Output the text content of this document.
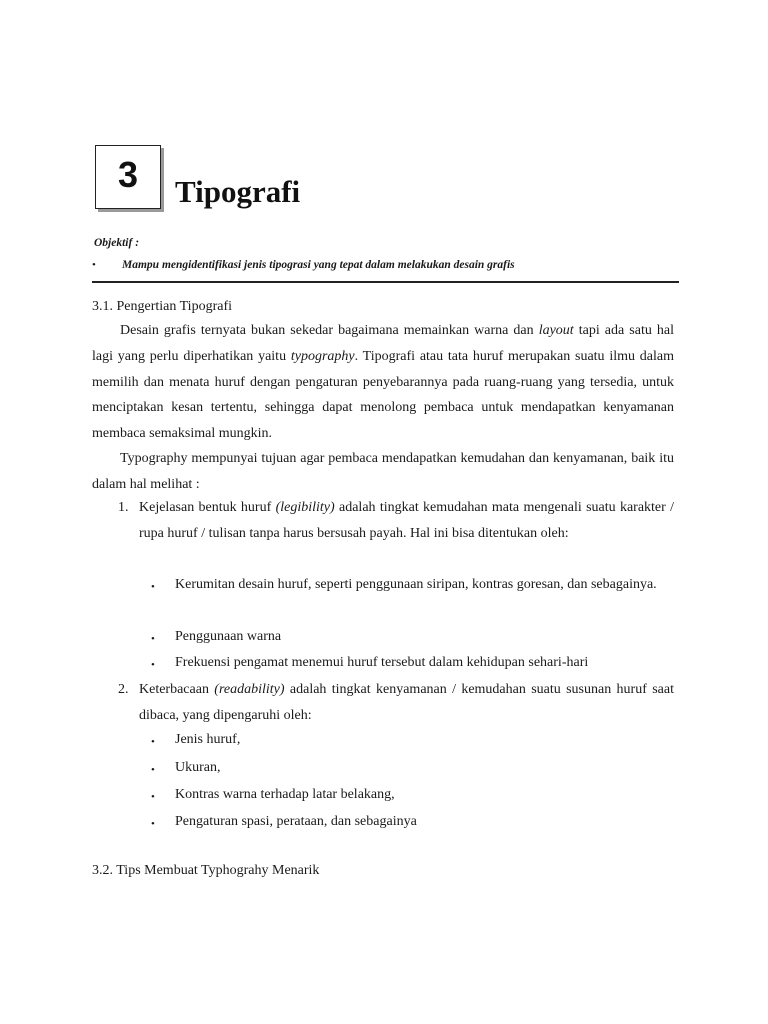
3	Tipografi
Objektif :
• Mampu mengidentifikasi jenis tipograsi yang tepat dalam melakukan desain grafis
3.1. Pengertian Tipografi
Desain grafis ternyata bukan sekedar bagaimana memainkan warna dan layout tapi ada satu hal lagi yang perlu diperhatikan yaitu typography. Tipografi atau tata huruf merupakan suatu ilmu dalam memilih dan menata huruf dengan pengaturan penyebarannya pada ruang-ruang yang tersedia, untuk menciptakan kesan tertentu, sehingga dapat menolong pembaca untuk mendapatkan kenyamanan membaca semaksimal mungkin.
Typography mempunyai tujuan agar pembaca mendapatkan kemudahan dan kenyamanan, baik itu dalam hal melihat :
1. Kejelasan bentuk huruf (legibility) adalah tingkat kemudahan mata mengenali suatu karakter / rupa huruf / tulisan tanpa harus bersusah payah. Hal ini bisa ditentukan oleh:
• Kerumitan desain huruf, seperti penggunaan siripan, kontras goresan, dan sebagainya.
• Penggunaan warna
• Frekuensi pengamat menemui huruf tersebut dalam kehidupan sehari-hari
2. Keterbacaan (readability) adalah tingkat kenyamanan / kemudahan suatu susunan huruf saat dibaca, yang dipengaruhi oleh:
• Jenis huruf,
• Ukuran,
• Kontras warna terhadap latar belakang,
• Pengaturan spasi, perataan, dan sebagainya
3.2. Tips Membuat Typhograhy Menarik
